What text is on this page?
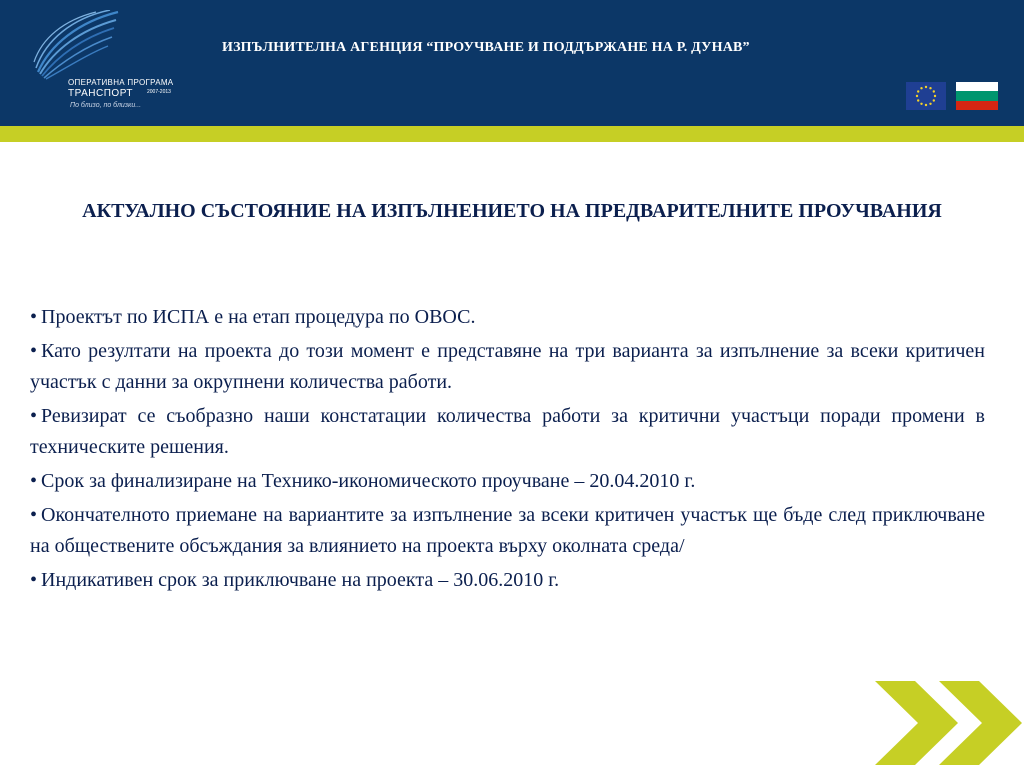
ОПЕРАТИВНА ПРОГРАМА
ТРАНСПОРТ	2007-2013
По близо, по близки...
ИЗПЪЛНИТЕЛНА АГЕНЦИЯ “ПРОУЧВАНЕ И ПОДДЪРЖАНЕ НА Р. ДУНАВ”
АКТУАЛНО СЪСТОЯНИЕ НА ИЗПЪЛНЕНИЕТО НА ПРЕДВАРИТЕЛНИТЕ ПРОУЧВАНИЯ
• Проектът по ИСПА е на етап процедура по ОВОС.
• Като резултати на проекта до този момент е представяне на три варианта за изпълнение за всеки критичен участък с данни за окрупнени количества работи.
• Ревизират се съобразно наши констатации количества работи за критични участъци поради промени в техническите решения.
• Срок за финализиране на Технико-икономическото проучване – 20.04.2010 г.
• Окончателното приемане на вариантите за изпълнение за всеки критичен участък ще бъде след приключване на обществените обсъждания за влиянието на проекта върху околната среда/
• Индикативен срок за приключване на проекта – 30.06.2010 г.
